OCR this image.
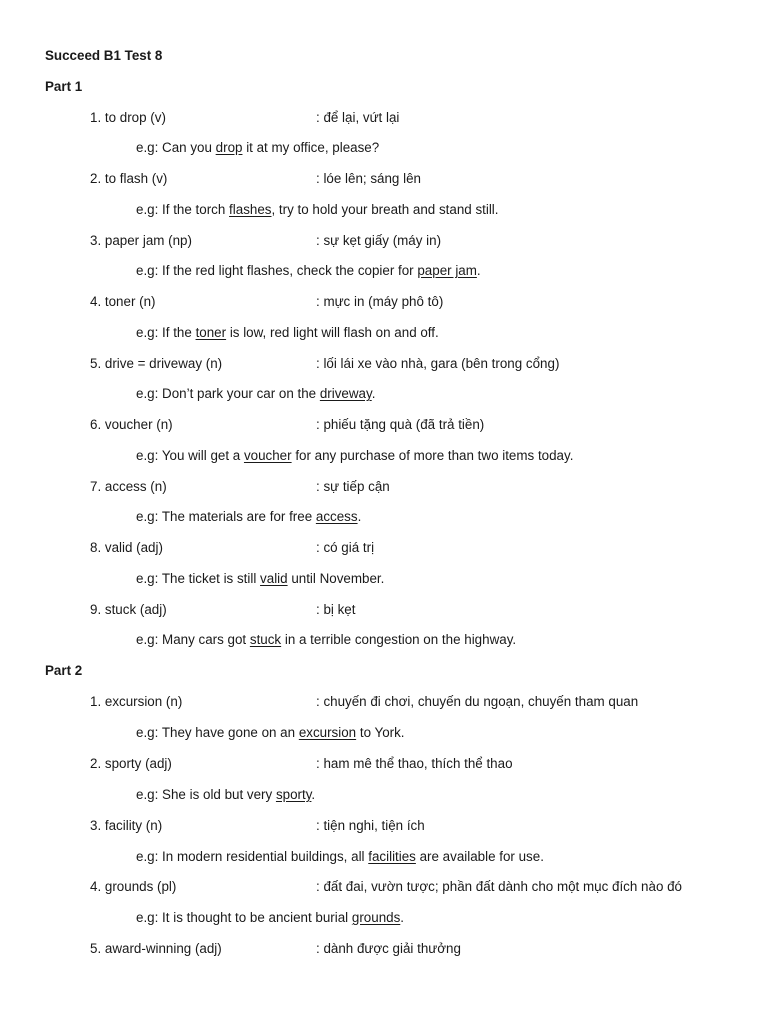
Succeed B1 Test 8
Part 1
1. to drop (v)	: để lại, vứt lại
e.g: Can you drop it at my office, please?
2. to flash (v)	: lóe lên; sáng lên
e.g: If the torch flashes, try to hold your breath and stand still.
3. paper jam (np)	: sự kẹt giấy (máy in)
e.g: If the red light flashes, check the copier for paper jam.
4. toner (n)	: mực in (máy phô tô)
e.g: If the toner is low, red light will flash on and off.
5. drive = driveway (n)	: lối lái xe vào nhà, gara (bên trong cổng)
e.g: Don’t park your car on the driveway.
6. voucher (n)	: phiếu tặng quà (đã trả tiền)
e.g: You will get a voucher for any purchase of more than two items today.
7. access (n)	: sự tiếp cận
e.g: The materials are for free access.
8. valid (adj)	: có giá trị
e.g: The ticket is still valid until November.
9. stuck (adj)	: bị kẹt
e.g: Many cars got stuck in a terrible congestion on the highway.
Part 2
1. excursion (n)	: chuyến đi chơi, chuyến du ngoạn, chuyến tham quan
e.g: They have gone on an excursion to York.
2. sporty (adj)	: ham mê thể thao, thích thể thao
e.g: She is old but very sporty.
3. facility (n)	: tiện nghi, tiện ích
e.g: In modern residential buildings, all facilities are available for use.
4. grounds (pl)	: đất đai, vườn tược; phần đất dành cho một mục đích nào đó
e.g: It is thought to be ancient burial grounds.
5. award-winning (adj)	: dành được giải thưởng
